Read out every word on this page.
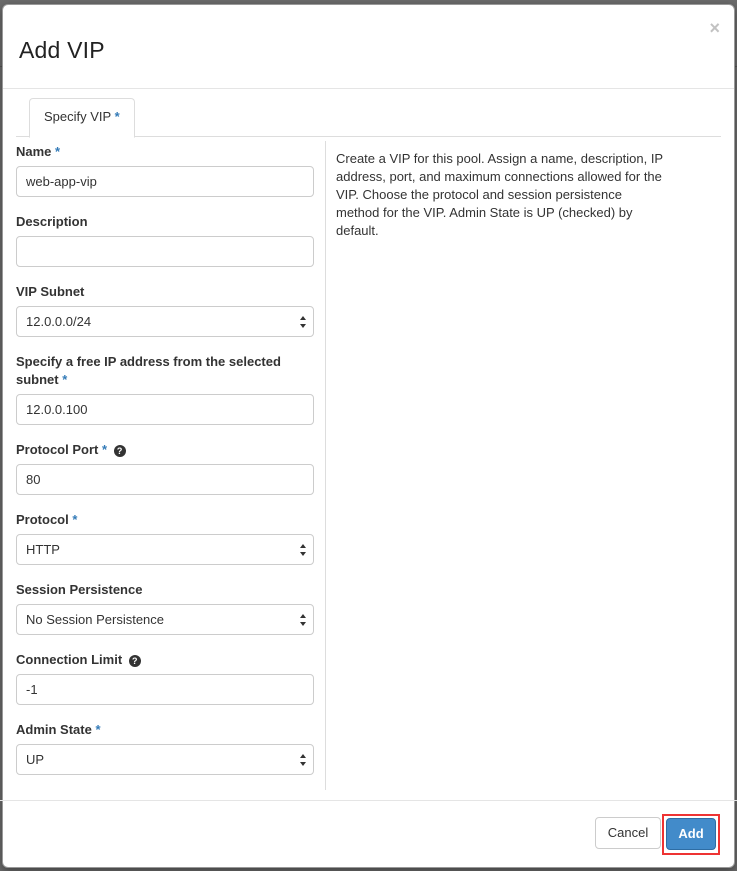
Add VIP
×
Specify VIP *
Name *
web-app-vip
Description
VIP Subnet
12.0.0.0/24
Specify a free IP address from the selected subnet *
12.0.0.100
Protocol Port * ?
80
Protocol *
HTTP
Session Persistence
No Session Persistence
Connection Limit ?
-1
Admin State *
UP

Create a VIP for this pool. Assign a name, description, IP address, port, and maximum connections allowed for the VIP. Choose the protocol and session persistence method for the VIP. Admin State is UP (checked) by default.

Cancel	Add
